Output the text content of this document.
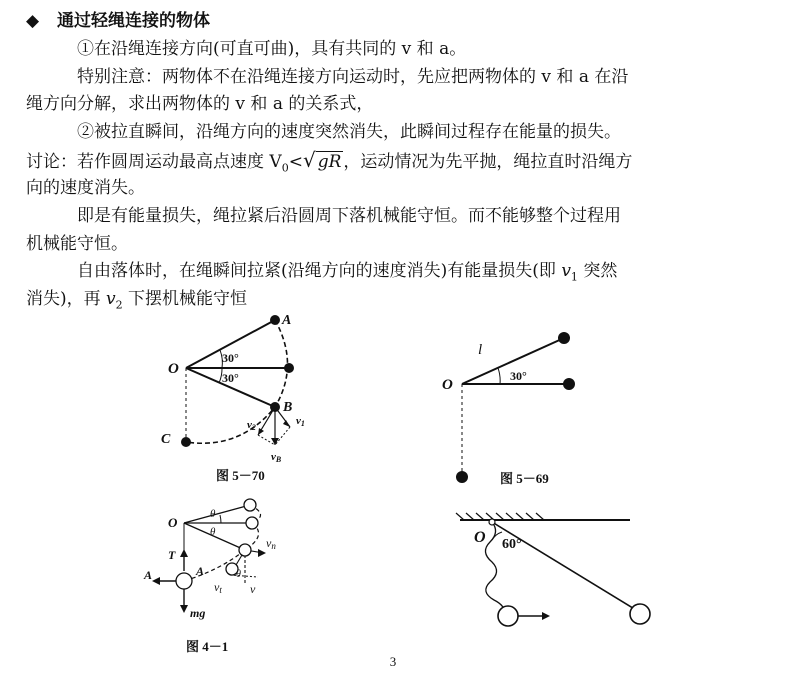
◆ 通过轻绳连接的物体
①在沿绳连接方向(可直可曲)，具有共同的 v 和 a。
特别注意：两物体不在沿绳连接方向运动时，先应把两物体的 v 和 a 在沿
绳方向分解，求出两物体的 v 和 a 的关系式，
②被拉直瞬间，沿绳方向的速度突然消失，此瞬间过程存在能量的损失。
讨论：若作圆周运动最高点速度 $V_0<√$ gR ，运动情况为先平抛，绳拉直时沿绳方
向的速度消失。
即是有能量损失，绳拉紧后沿圆周下落机械能守恒。而不能够整个过程用
机械能守恒。
自由落体时，在绳瞬间拉紧(沿绳方向的速度消失)有能量损失(即 $v_1$ 突然
消失)，再 $v_2$ 下摆机械能守恒
O
A
B
C
30°
30°
v2
v1
vB
图 5－70
O
l
30°
图 5－69
O
θ
θ
T
A	A
mg
vn
vt v
θ
图 4－1
O 60°
3
